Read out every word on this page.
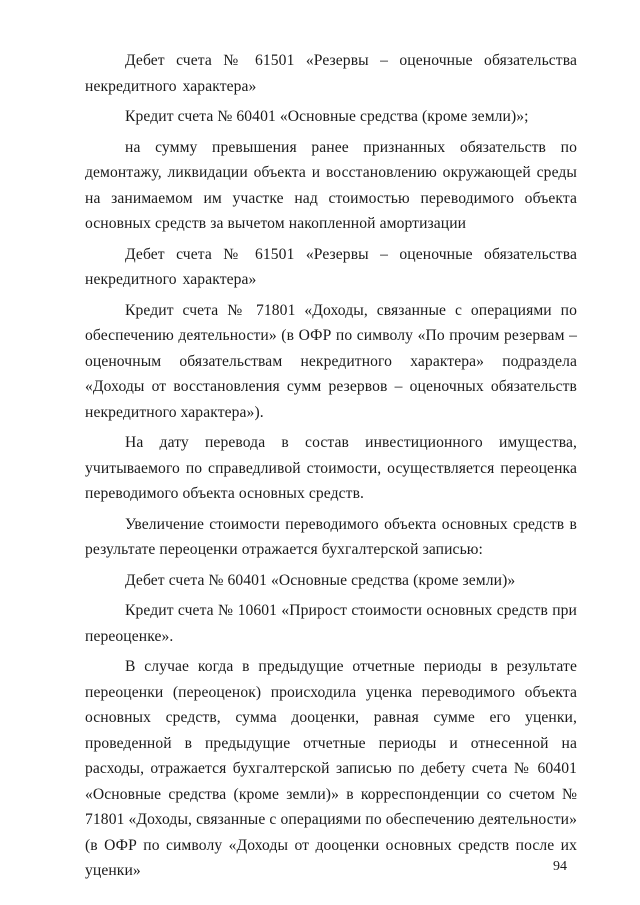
Дебет счета № 61501 «Резервы – оценочные обязательства некредитного характера»

Кредит счета № 60401 «Основные средства (кроме земли)»;

на сумму превышения ранее признанных обязательств по демонтажу, ликвидации объекта и восстановлению окружающей среды на занимаемом им участке над стоимостью переводимого объекта основных средств за вычетом накопленной амортизации

Дебет счета № 61501 «Резервы – оценочные обязательства некредитного характера»

Кредит счета № 71801 «Доходы, связанные с операциями по обеспечению деятельности» (в ОФР по символу «По прочим резервам – оценочным обязательствам некредитного характера» подраздела «Доходы от восстановления сумм резервов – оценочных обязательств некредитного характера»).

На дату перевода в состав инвестиционного имущества, учитываемого по справедливой стоимости, осуществляется переоценка переводимого объекта основных средств.

Увеличение стоимости переводимого объекта основных средств в результате переоценки отражается бухгалтерской записью:

Дебет счета № 60401 «Основные средства (кроме земли)»

Кредит счета № 10601 «Прирост стоимости основных средств при переоценке».

В случае когда в предыдущие отчетные периоды в результате переоценки (переоценок) происходила уценка переводимого объекта основных средств, сумма дооценки, равная сумме его уценки, проведенной в предыдущие отчетные периоды и отнесенной на расходы, отражается бухгалтерской записью по дебету счета № 60401 «Основные средства (кроме земли)» в корреспонденции со счетом № 71801 «Доходы, связанные с операциями по обеспечению деятельности» (в ОФР по символу «Доходы от дооценки основных средств после их уценки»	94
